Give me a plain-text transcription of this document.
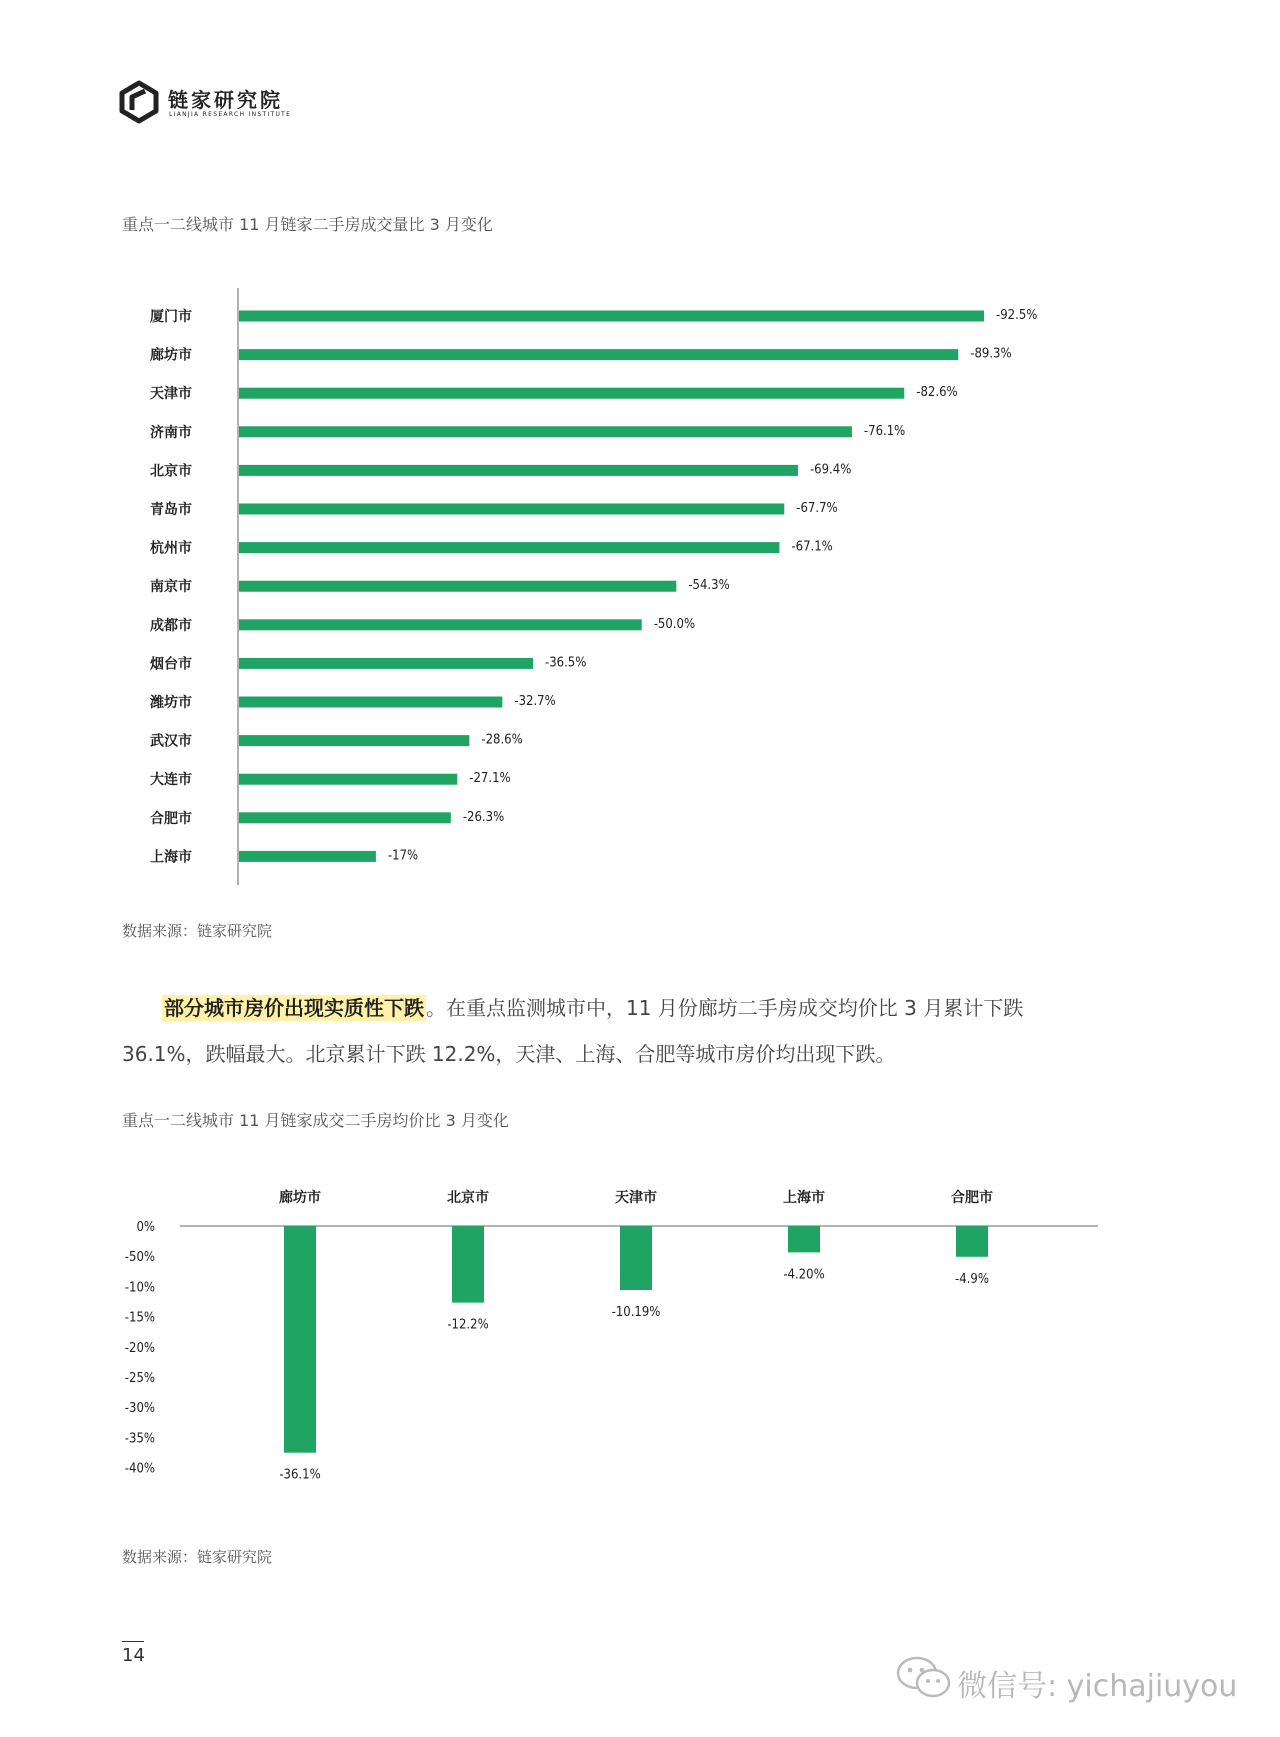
链家研究院
LIANJIA RESEARCH INSTITUTE
重点一二线城市 11 月链家二手房成交量比 3 月变化
厦门市	-92.5%
廊坊市	-89.3%
天津市	-82.6%
济南市	-76.1%
北京市	-69.4%
青岛市	-67.7%
杭州市	-67.1%
南京市	-54.3%
成都市	-50.0%
烟台市	-36.5%
潍坊市	-32.7%
武汉市	-28.6%
大连市	-27.1%
合肥市	-26.3%
上海市	-17%
数据来源：链家研究院
部分城市房价出现实质性下跌 。在重点监测城市中，11 月份廊坊二手房成交均价比 3 月累计下跌
36.1%，跌幅最大。北京累计下跌 12.2%，天津、上海、合肥等城市房价均出现下跌。
重点一二线城市 11 月链家成交二手房均价比 3 月变化
0%
-50%
-10%
-15%
-20%
-25%
-30%
-35%
-40%
廊坊市
-36.1%
北京市
-12.2%
天津市
-10.19%
上海市
-4.20%
合肥市
-4.9%
数据来源：链家研究院
14
微信号: yichajiuyou
